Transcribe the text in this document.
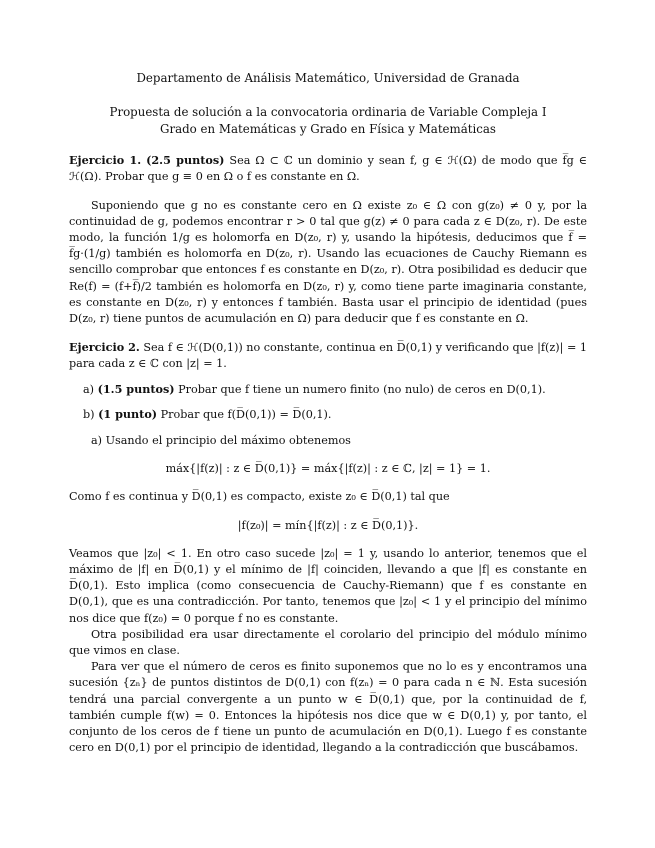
Departamento de Análisis Matemático, Universidad de Granada
Propuesta de solución a la convocatoria ordinaria de Variable Compleja I
Grado en Matemáticas y Grado en Física y Matemáticas

Ejercicio 1. (2.5 puntos) Sea Ω ⊂ ℂ un dominio y sean f, g ∈ ℋ(Ω) de modo que f̅g ∈ ℋ(Ω). Probar que g ≡ 0 en Ω o f es constante en Ω.

Suponiendo que g no es constante cero en Ω existe z₀ ∈ Ω con g(z₀) ≠ 0 y, por la continuidad de g, podemos encontrar r > 0 tal que g(z) ≠ 0 para cada z ∈ D(z₀, r). De este modo, la función 1/g es holomorfa en D(z₀, r) y, usando la hipótesis, deducimos que f̅ = f̅g·(1/g) también es holomorfa en D(z₀, r). Usando las ecuaciones de Cauchy Riemann es sencillo comprobar que entonces f es constante en D(z₀, r). Otra posibilidad es deducir que Re(f) = (f+f̅)/2 también es holomorfa en D(z₀, r) y, como tiene parte imaginaria constante, es constante en D(z₀, r) y entonces f también. Basta usar el principio de identidad (pues D(z₀, r) tiene puntos de acumulación en Ω) para deducir que f es constante en Ω.

Ejercicio 2. Sea f ∈ ℋ(D(0,1)) no constante, continua en D̅(0,1) y verificando que |f(z)| = 1 para cada z ∈ ℂ con |z| = 1.

a) (1.5 puntos) Probar que f tiene un numero finito (no nulo) de ceros en D(0,1).
b) (1 punto) Probar que f(D̅(0,1)) = D̅(0,1).
a) Usando el principio del máximo obtenemos
máx{|f(z)| : z ∈ D̅(0,1)} = máx{|f(z)| : z ∈ ℂ, |z| = 1} = 1.

Como f es continua y D̅(0,1) es compacto, existe z₀ ∈ D̅(0,1) tal que

|f(z₀)| = mín{|f(z)| : z ∈ D̅(0,1)}.

Veamos que |z₀| < 1. En otro caso sucede |z₀| = 1 y, usando lo anterior, tenemos que el máximo de |f| en D̅(0,1) y el mínimo de |f| coinciden, llevando a que |f| es constante en D̅(0,1). Esto implica (como consecuencia de Cauchy-Riemann) que f es constante en D(0,1), que es una contradicción. Por tanto, tenemos que |z₀| < 1 y el principio del mínimo nos dice que f(z₀) = 0 porque f no es constante.

Otra posibilidad era usar directamente el corolario del principio del módulo mínimo que vimos en clase.

Para ver que el número de ceros es finito suponemos que no lo es y encontramos una sucesión {zₙ} de puntos distintos de D(0,1) con f(zₙ) = 0 para cada n ∈ ℕ. Esta sucesión tendrá una parcial convergente a un punto w ∈ D̅(0,1) que, por la continuidad de f, también cumple f(w) = 0. Entonces la hipótesis nos dice que w ∈ D(0,1) y, por tanto, el conjunto de los ceros de f tiene un punto de acumulación en D(0,1). Luego f es constante cero en D(0,1) por el principio de identidad, llegando a la contradicción que buscábamos.
